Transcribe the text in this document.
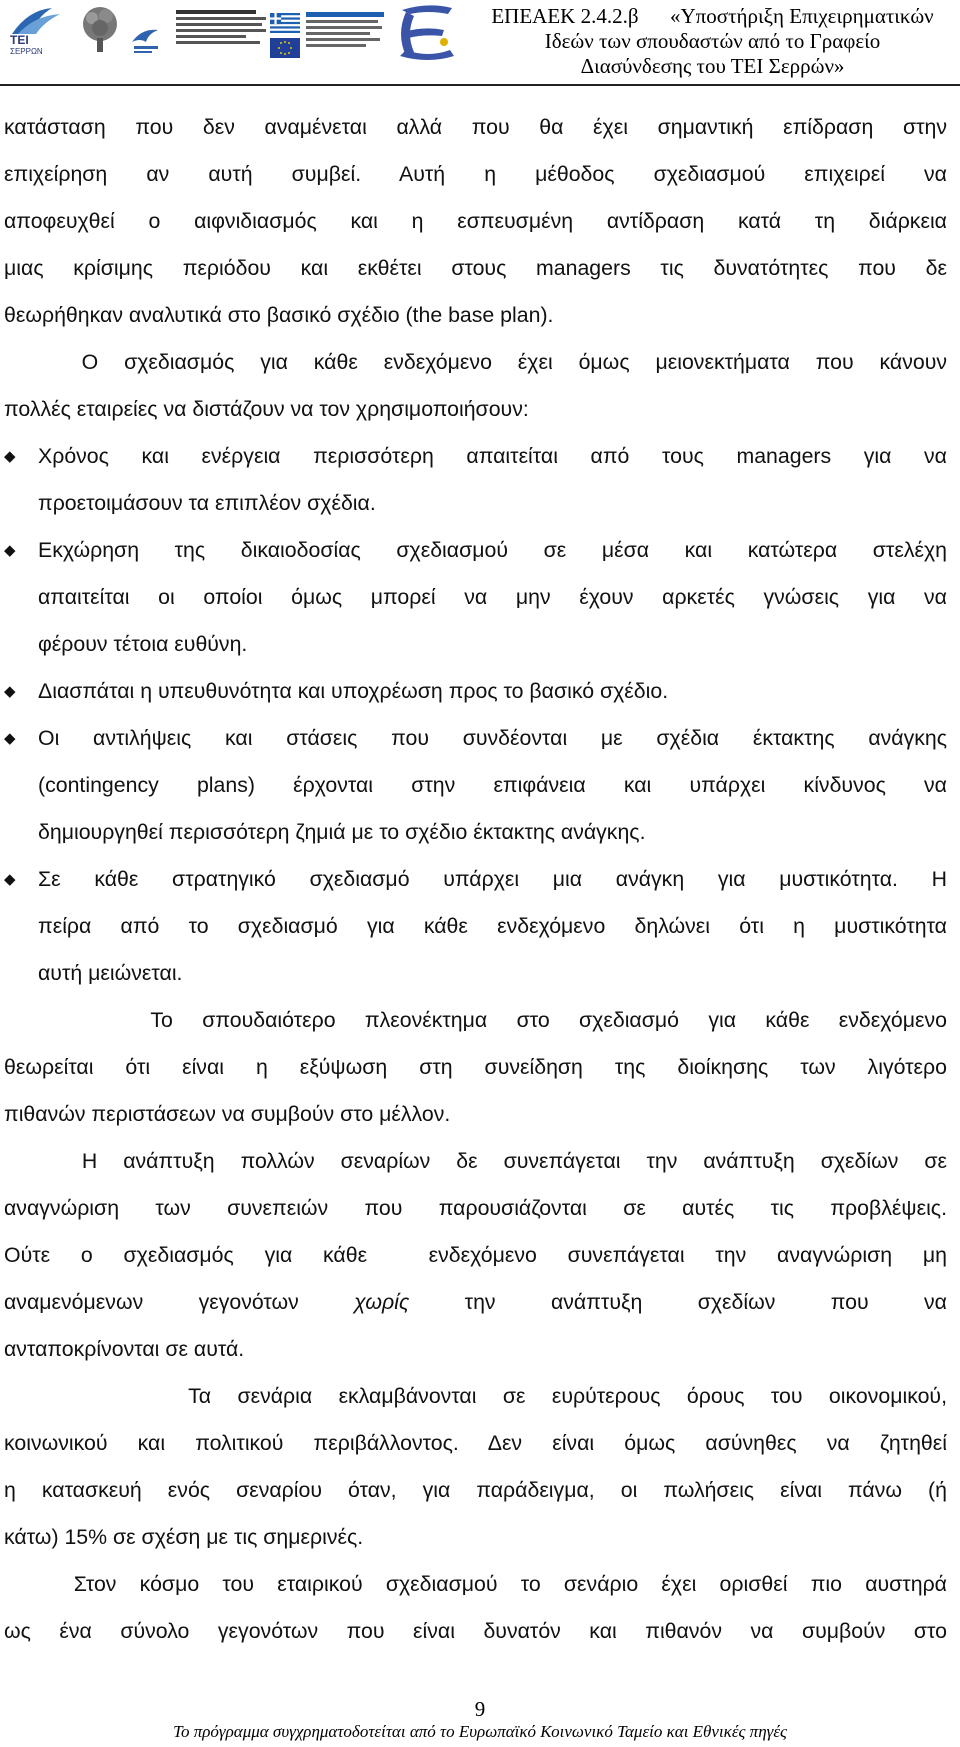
TEI
ΣΕΡΡΩΝ
ΕΠΕΑΕΚ 2.4.2.β      «Υποστήριξη Επιχειρηματικών
Ιδεών των σπουδαστών από το Γραφείο
Διασύνδεσης του ΤΕΙ Σερρών»

κατάσταση που δεν αναμένεται αλλά που θα έχει σημαντική επίδραση στην
επιχείρηση αν αυτή συμβεί. Αυτή η μέθοδος σχεδιασμού επιχειρεί να
αποφευχθεί ο αιφνιδιασμός και η εσπευσμένη αντίδραση κατά τη διάρκεια
μιας κρίσιμης περιόδου και εκθέτει στους managers τις δυνατότητες που δε
θεωρήθηκαν αναλυτικά στο βασικό σχέδιο (the base plan).

Ο σχεδιασμός για κάθε ενδεχόμενο έχει όμως μειονεκτήματα που κάνουν
πολλές εταιρείες να διστάζουν να τον χρησιμοποιήσουν:

◆ Χρόνος και ενέργεια περισσότερη απαιτείται από τους managers για να
προετοιμάσουν τα επιπλέον σχέδια.
◆ Εκχώρηση της δικαιοδοσίας σχεδιασμού σε μέσα και κατώτερα στελέχη
απαιτείται οι οποίοι όμως μπορεί να μην έχουν αρκετές γνώσεις για να
φέρουν τέτοια ευθύνη.
◆ Διασπάται η υπευθυνότητα και υποχρέωση προς το βασικό σχέδιο.
◆ Οι αντιλήψεις και στάσεις που συνδέονται με σχέδια έκτακτης ανάγκης
(contingency plans) έρχονται στην επιφάνεια και υπάρχει κίνδυνος να
δημιουργηθεί περισσότερη ζημιά με το σχέδιο έκτακτης ανάγκης.
◆ Σε κάθε στρατηγικό σχεδιασμό υπάρχει μια ανάγκη για μυστικότητα. Η
πείρα από το σχεδιασμό για κάθε ενδεχόμενο δηλώνει ότι η μυστικότητα
αυτή μειώνεται.

Το σπουδαιότερο πλεονέκτημα στο σχεδιασμό για κάθε ενδεχόμενο
θεωρείται ότι είναι η εξύψωση στη συνείδηση της διοίκησης των λιγότερο
πιθανών περιστάσεων να συμβούν στο μέλλον.

Η ανάπτυξη πολλών σεναρίων δε συνεπάγεται την ανάπτυξη σχεδίων σε
αναγνώριση των συνεπειών που παρουσιάζονται σε αυτές τις προβλέψεις.
Ούτε ο σχεδιασμός για κάθε  ενδεχόμενο συνεπάγεται την αναγνώριση μη
αναμενόμενων γεγονότων χωρίς την ανάπτυξη σχεδίων που να
ανταποκρίνονται σε αυτά.

Τα σενάρια εκλαμβάνονται σε ευρύτερους όρους του οικονομικού,
κοινωνικού και πολιτικού περιβάλλοντος. Δεν είναι όμως ασύνηθες να ζητηθεί
η κατασκευή ενός σεναρίου όταν, για παράδειγμα, οι πωλήσεις είναι πάνω (ή
κάτω) 15% σε σχέση με τις σημερινές.

Στον κόσμο του εταιρικού σχεδιασμού το σενάριο έχει ορισθεί πιο αυστηρά
ως ένα σύνολο γεγονότων που είναι δυνατόν και πιθανόν να συμβούν στο

9
Το πρόγραμμα συγχρηματοδοτείται από το Ευρωπαϊκό Κοινωνικό Ταμείο και Εθνικές πηγές
